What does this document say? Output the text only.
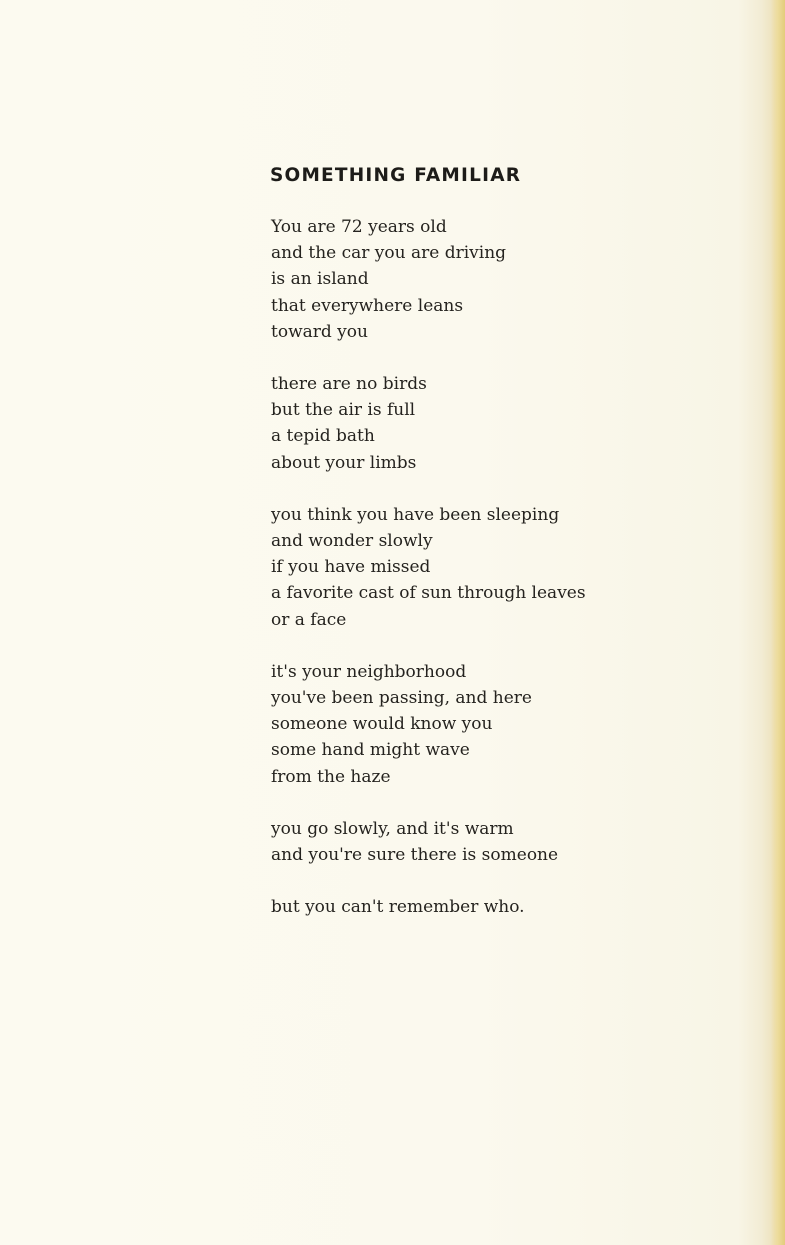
SOMETHING FAMILIAR
You are 72 years old
and the car you are driving
is an island
that everywhere leans
toward you
there are no birds
but the air is full
a tepid bath
about your limbs
you think you have been sleeping
and wonder slowly
if you have missed
a favorite cast of sun through leaves
or a face
it's your neighborhood
you've been passing, and here
someone would know you
some hand might wave
from the haze
you go slowly, and it's warm
and you're sure there is someone
but you can't remember who.
